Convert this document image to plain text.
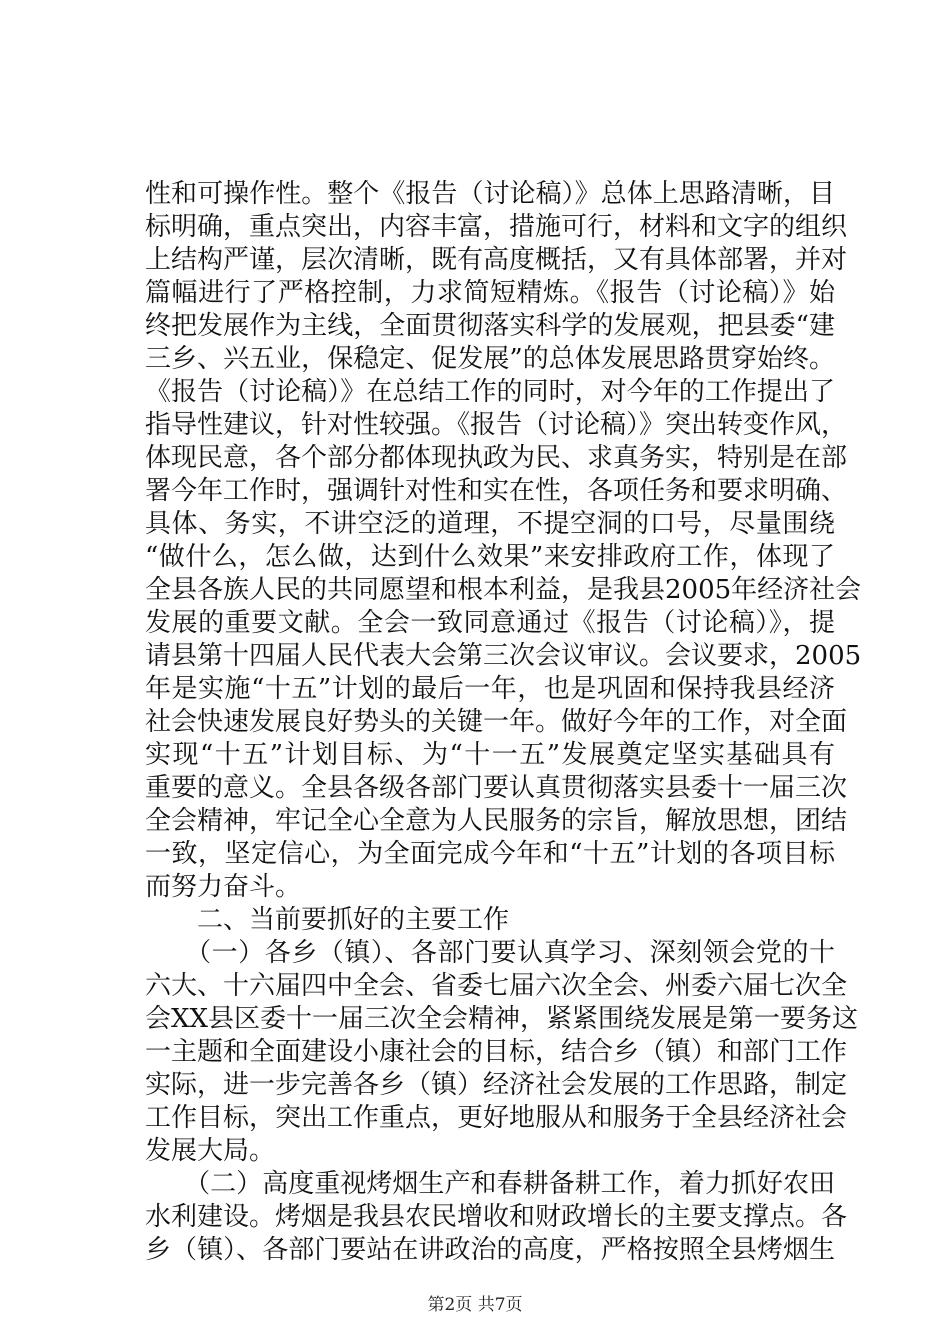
性和可操作性。整个《报告（讨论稿）》总体上思路清晰，目
标明确，重点突出，内容丰富，措施可行，材料和文字的组织
上结构严谨，层次清晰，既有高度概括，又有具体部署，并对
篇幅进行了严格控制，力求简短精炼。《报告（讨论稿）》始
终把发展作为主线，全面贯彻落实科学的发展观，把县委“建
三乡、兴五业，保稳定、促发展”的总体发展思路贯穿始终。
《报告（讨论稿）》在总结工作的同时，对今年的工作提出了
指导性建议，针对性较强。《报告（讨论稿）》突出转变作风，
体现民意，各个部分都体现执政为民、求真务实，特别是在部
署今年工作时，强调针对性和实在性，各项任务和要求明确、
具体、务实，不讲空泛的道理，不提空洞的口号，尽量围绕
“做什么，怎么做，达到什么效果”来安排政府工作，体现了
全县各族人民的共同愿望和根本利益，是我县2005年经济社会
发展的重要文献。全会一致同意通过《报告（讨论稿）》，提
请县第十四届人民代表大会第三次会议审议。会议要求，2005
年是实施“十五”计划的最后一年，也是巩固和保持我县经济
社会快速发展良好势头的关键一年。做好今年的工作，对全面
实现“十五”计划目标、为“十一五”发展奠定坚实基础具有
重要的意义。全县各级各部门要认真贯彻落实县委十一届三次
全会精神，牢记全心全意为人民服务的宗旨，解放思想，团结
一致，坚定信心，为全面完成今年和“十五”计划的各项目标
而努力奋斗。
　　二、当前要抓好的主要工作
　　（一）各乡（镇）、各部门要认真学习、深刻领会党的十
六大、十六届四中全会、省委七届六次全会、州委六届七次全
会XX县区委十一届三次全会精神，紧紧围绕发展是第一要务这
一主题和全面建设小康社会的目标，结合乡（镇）和部门工作
实际，进一步完善各乡（镇）经济社会发展的工作思路，制定
工作目标，突出工作重点，更好地服从和服务于全县经济社会
发展大局。
　　（二）高度重视烤烟生产和春耕备耕工作，着力抓好农田
水利建设。烤烟是我县农民增收和财政增长的主要支撑点。各
乡（镇）、各部门要站在讲政治的高度，严格按照全县烤烟生
第2页 共7页
